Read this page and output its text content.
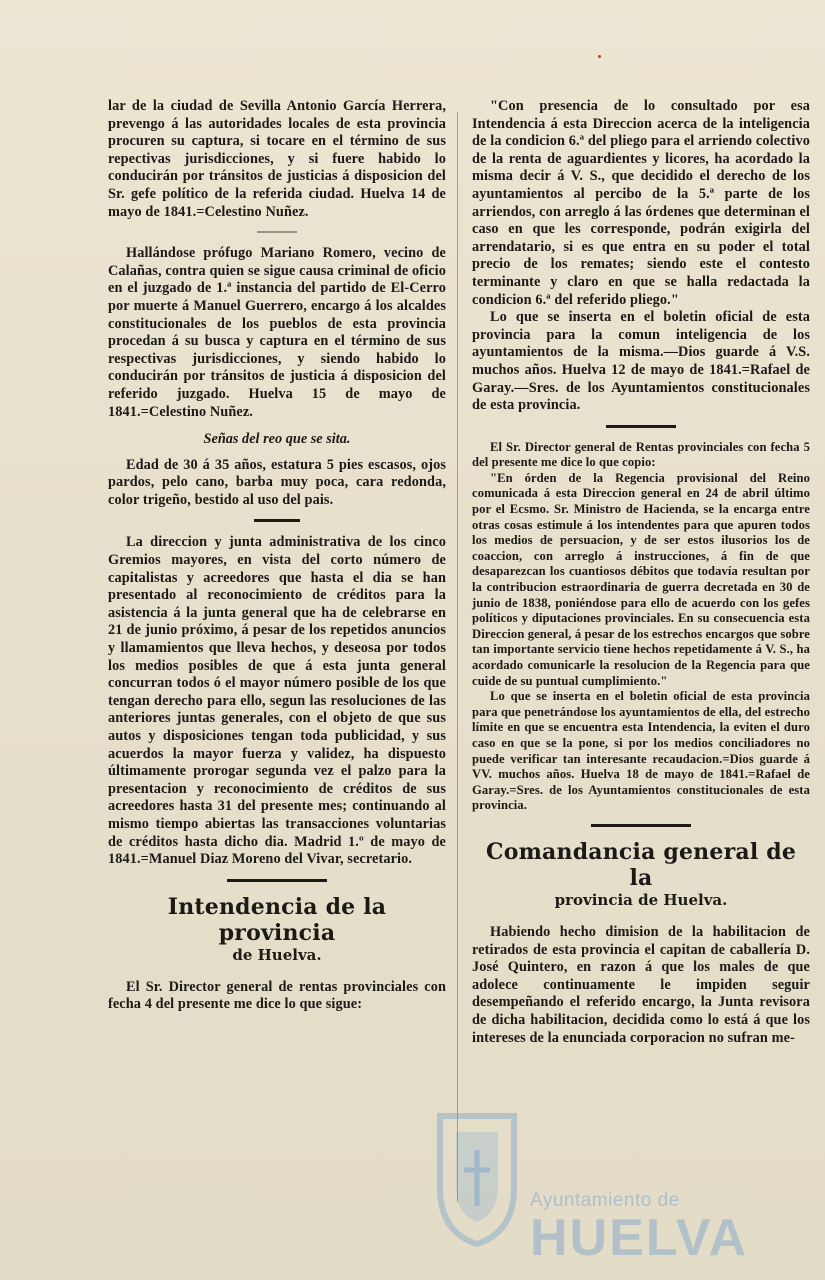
lar de la ciudad de Sevilla Antonio García Herrera, prevengo á las autoridades locales de esta provincia procuren su captura, si tocare en el término de sus repectivas jurisdicciones, y si fuere habido lo conducirán por tránsitos de justicias á disposicion del Sr. gefe político de la referida ciudad. Huelva 14 de mayo de 1841.=Celestino Nuñez.

Hallándose prófugo Mariano Romero, vecino de Calañas, contra quien se sigue causa criminal de oficio en el juzgado de 1.ª instancia del partido de El-Cerro por muerte á Manuel Guerrero, encargo á los alcaldes constitucionales de los pueblos de esta provincia procedan á su busca y captura en el término de sus respectivas jurisdicciones, y siendo habido lo conducirán por tránsitos de justicia á disposicion del referido juzgado. Huelva 15 de mayo de 1841.=Celestino Nuñez.

Señas del reo que se sita.

Edad de 30 á 35 años, estatura 5 pies escasos, ojos pardos, pelo cano, barba muy poca, cara redonda, color trigeño, bestido al uso del pais.

La direccion y junta administrativa de los cinco Gremios mayores, en vista del corto número de capitalistas y acreedores que hasta el dia se han presentado al reconocimiento de créditos para la asistencia á la junta general que ha de celebrarse en 21 de junio próximo, á pesar de los repetidos anuncios y llamamientos que lleva hechos, y deseosa por todos los medios posibles de que á esta junta general concurran todos ó el mayor número posible de los que tengan derecho para ello, segun las resoluciones de las anteriores juntas generales, con el objeto de que sus autos y disposiciones tengan toda publicidad, y sus acuerdos la mayor fuerza y validez, ha dispuesto últimamente prorogar segunda vez el palzo para la presentacion y reconocimiento de créditos de sus acreedores hasta 31 del presente mes; continuando al mismo tiempo abiertas las transacciones voluntarias de créditos hasta dicho dia. Madrid 1.º de mayo de 1841.=Manuel Diaz Moreno del Vivar, secretario.

Intendencia de la provincia
de Huelva.

El Sr. Director general de rentas provinciales con fecha 4 del presente me dice lo que sigue:

"Con presencia de lo consultado por esa Intendencia á esta Direccion acerca de la inteligencia de la condicion 6.ª del pliego para el arriendo colectivo de la renta de aguardientes y licores, ha acordado la misma decir á V. S., que decidido el derecho de los ayuntamientos al percibo de la 5.ª parte de los arriendos, con arreglo á las órdenes que determinan el caso en que les corresponde, podrán exigirla del arrendatario, si es que entra en su poder el total precio de los remates; siendo este el contesto terminante y claro en que se halla redactada la condicion 6.ª del referido pliego."

Lo que se inserta en el boletin oficial de esta provincia para la comun inteligencia de los ayuntamientos de la misma.—Dios guarde á V.S. muchos años. Huelva 12 de mayo de 1841.=Rafael de Garay.—Sres. de los Ayuntamientos constitucionales de esta provincia.

El Sr. Director general de Rentas provinciales con fecha 5 del presente me dice lo que copio:

"En órden de la Regencia provisional del Reino comunicada á esta Direccion general en 24 de abril último por el Ecsmo. Sr. Ministro de Hacienda, se la encarga entre otras cosas estimule á los intendentes para que apuren todos los medios de persuacion, y de ser estos ilusorios los de coaccion, con arreglo á instrucciones, á fin de que desaparezcan los cuantiosos débitos que todavía resultan por la contribucion estraordinaria de guerra decretada en 30 de junio de 1838, poniéndose para ello de acuerdo con los gefes políticos y diputaciones provinciales. En su consecuencia esta Direccion general, á pesar de los estrechos encargos que sobre tan importante servicio tiene hechos repetidamente á V. S., ha acordado comunicarle la resolucion de la Regencia para que cuide de su puntual cumplimiento."

Lo que se inserta en el boletin oficial de esta provincia para que penetrándose los ayuntamientos de ella, del estrecho límite en que se encuentra esta Intendencia, la eviten el duro caso en que se la pone, si por los medios conciliadores no puede verificar tan interesante recaudacion.=Dios guarde á VV. muchos años. Huelva 18 de mayo de 1841.=Rafael de Garay.=Sres. de los Ayuntamientos constitucionales de esta provincia.

Comandancia general de la
provincia de Huelva.

Habiendo hecho dimision de la habilitacion de retirados de esta provincia el capitan de caballería D. José Quintero, en razon á que los males de que adolece continuamente le impiden seguir desempeñando el referido encargo, la Junta revisora de dicha habilitacion, decidida como lo está á que los intereses de la enunciada corporacion no sufran me-

Ayuntamiento de
HUELVA
